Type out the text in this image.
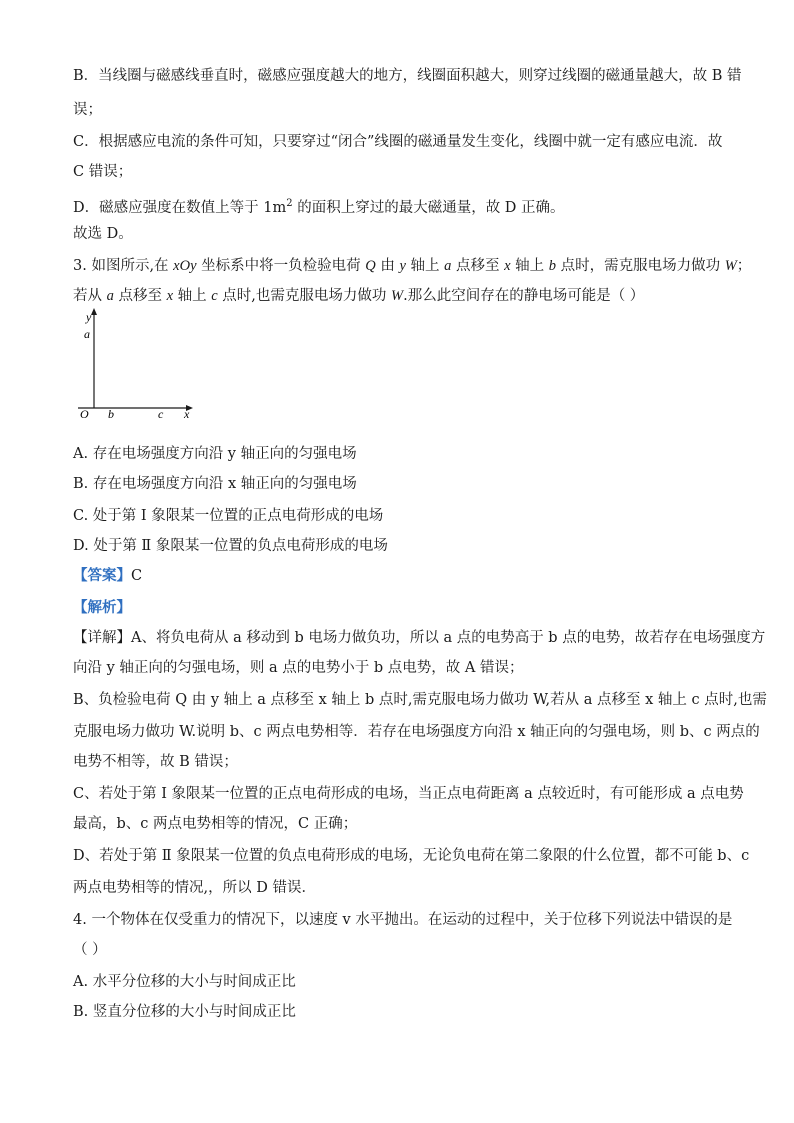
B．当线圈与磁感线垂直时，磁感应强度越大的地方，线圈面积越大，则穿过线圈的磁通量越大，故 B 错
误；
C．根据感应电流的条件可知，只要穿过“闭合”线圈的磁通量发生变化，线圈中就一定有感应电流．故
C 错误；
D．磁感应强度在数值上等于 $1m^2$ 的面积上穿过的最大磁通量，故 D 正确。
故选 D。
3. 如图所示,在 xOy 坐标系中将一负检验电荷 Q 由 y 轴上 a 点移至 x 轴上 b 点时，需克服电场力做功 W；
若从 a 点移至 x 轴上 c 点时,也需克服电场力做功 W.那么此空间存在的静电场可能是（ ）
y
a
O b	c x
A. 存在电场强度方向沿 y 轴正向的匀强电场
B. 存在电场强度方向沿 x 轴正向的匀强电场
C. 处于第 Ⅰ 象限某一位置的正点电荷形成的电场
D. 处于第 Ⅱ 象限某一位置的负点电荷形成的电场
【答案】C
【解析】
【详解】A、将负电荷从 a 移动到 b 电场力做负功，所以 a 点的电势高于 b 点的电势，故若存在电场强度方
向沿 y 轴正向的匀强电场，则 a 点的电势小于 b 点电势，故 A 错误；
B、负检验电荷 Q 由 y 轴上 a 点移至 x 轴上 b 点时,需克服电场力做功 W,若从 a 点移至 x 轴上 c 点时,也需
克服电场力做功 W.说明 b、c 两点电势相等．若存在电场强度方向沿 x 轴正向的匀强电场，则 b、c 两点的
电势不相等，故 B 错误；
C、若处于第 Ⅰ 象限某一位置的正点电荷形成的电场，当正点电荷距离 a 点较近时，有可能形成 a 点电势
最高，b、c 两点电势相等的情况，C 正确；
D、若处于第 Ⅱ 象限某一位置的负点电荷形成的电场，无论负电荷在第二象限的什么位置，都不可能 b、c
两点电势相等的情况,，所以 D 错误．
4. 一个物体在仅受重力的情况下，以速度 v 水平抛出。在运动的过程中，关于位移下列说法中错误的是
（ ）
A. 水平分位移的大小与时间成正比
B. 竖直分位移的大小与时间成正比
